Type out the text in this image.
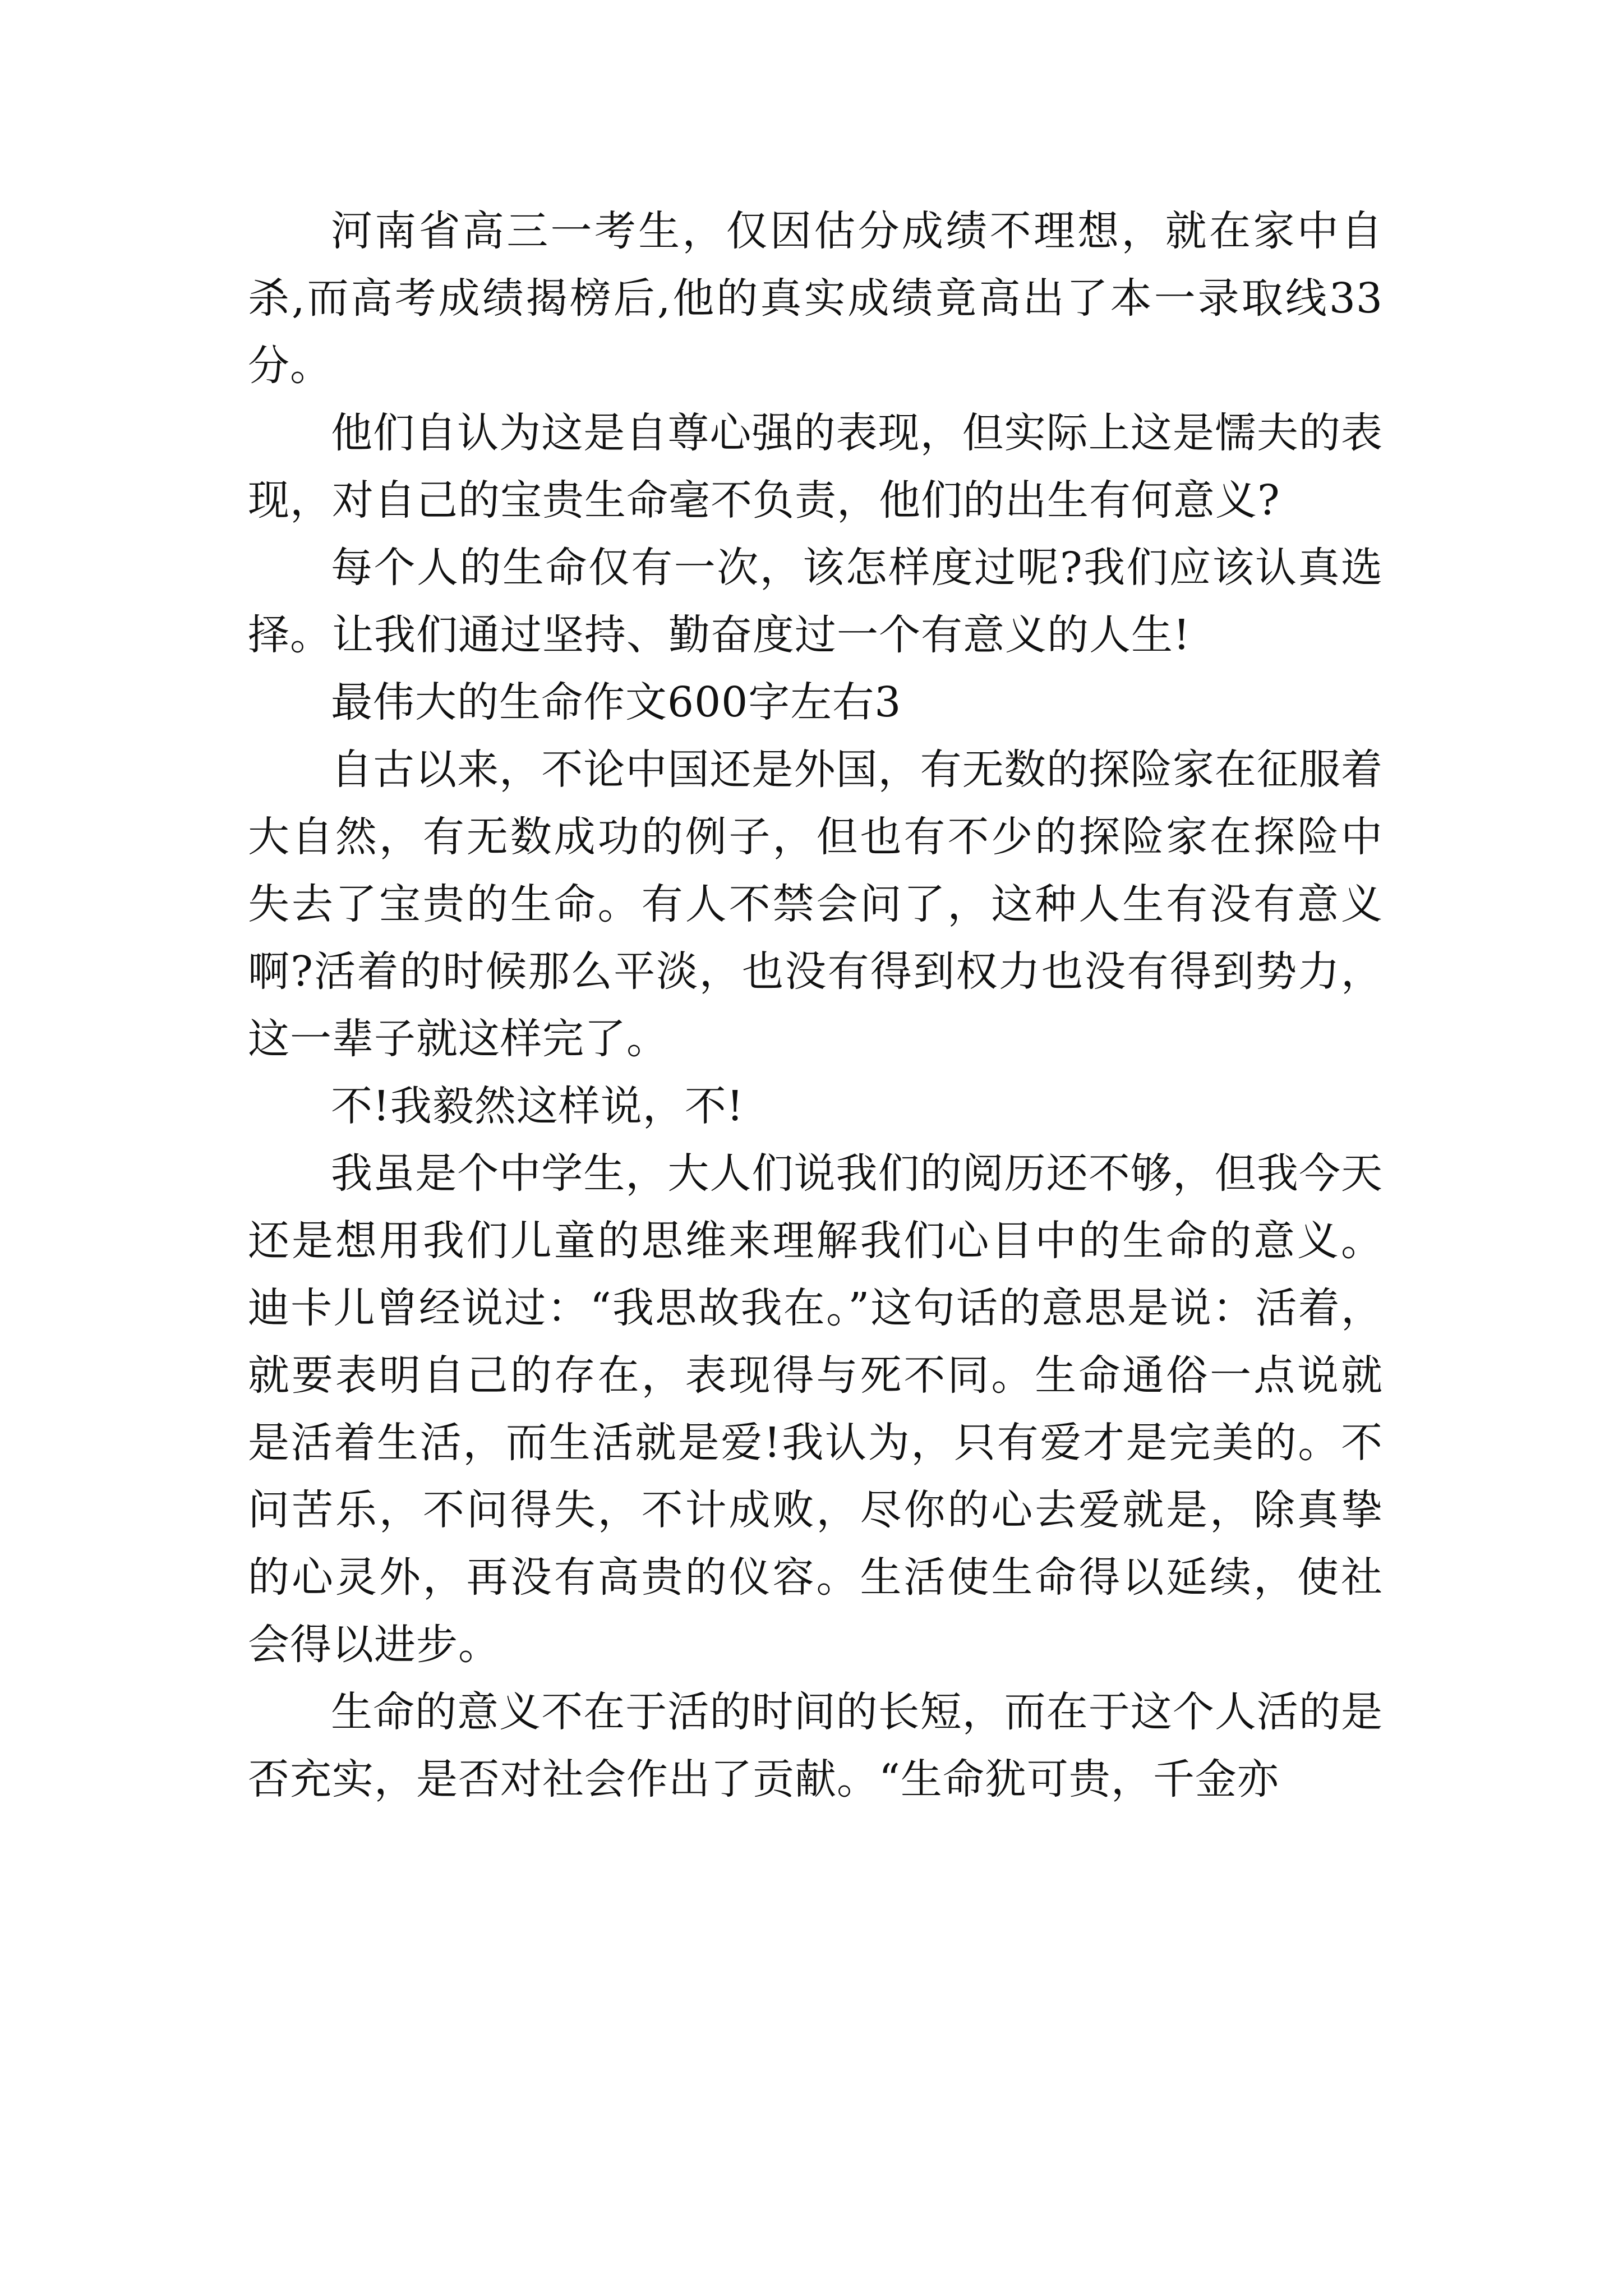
河南省高三一考生，仅因估分成绩不理想，就在家中自杀,而高考成绩揭榜后,他的真实成绩竟高出了本一录取线33分。

他们自认为这是自尊心强的表现，但实际上这是懦夫的表现，对自己的宝贵生命毫不负责，他们的出生有何意义?

每个人的生命仅有一次，该怎样度过呢?我们应该认真选择。让我们通过坚持、勤奋度过一个有意义的人生!

最伟大的生命作文600字左右3

自古以来，不论中国还是外国，有无数的探险家在征服着大自然，有无数成功的例子，但也有不少的探险家在探险中失去了宝贵的生命。有人不禁会问了，这种人生有没有意义啊?活着的时候那么平淡，也没有得到权力也没有得到势力，这一辈子就这样完了。

不!我毅然这样说，不!

我虽是个中学生，大人们说我们的阅历还不够，但我今天还是想用我们儿童的思维来理解我们心目中的生命的意义。迪卡儿曾经说过：“我思故我在。”这句话的意思是说：活着，就要表明自己的存在，表现得与死不同。生命通俗一点说就是活着生活，而生活就是爱!我认为，只有爱才是完美的。不问苦乐，不问得失，不计成败，尽你的心去爱就是，除真挚的心灵外，再没有高贵的仪容。生活使生命得以延续，使社会得以进步。

生命的意义不在于活的时间的长短，而在于这个人活的是否充实，是否对社会作出了贡献。“生命犹可贵，千金亦
